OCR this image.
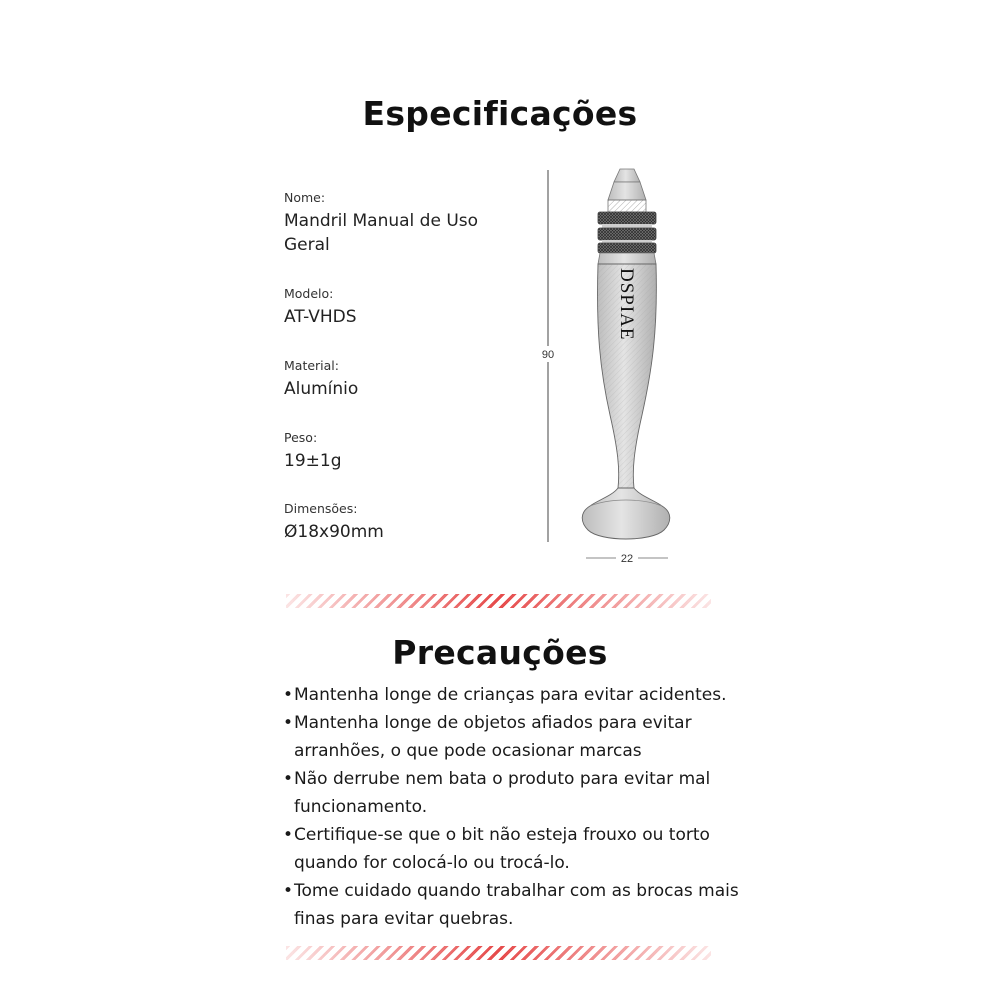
Especificações
Nome:
Mandril Manual de Uso Geral
Modelo:
AT-VHDS
Material:
Alumínio
Peso:
19±1g
Dimensões:
Ø18x90mm
90
DSPIAE
22
Precauções
• Mantenha longe de crianças para evitar acidentes.
• Mantenha longe de objetos afiados para evitar arranhões, o que pode ocasionar marcas
• Não derrube nem bata o produto para evitar mal funcionamento.
• Certifique-se que o bit não esteja frouxo ou torto quando for colocá-lo ou trocá-lo.
• Tome cuidado quando trabalhar com as brocas mais finas para evitar quebras.
